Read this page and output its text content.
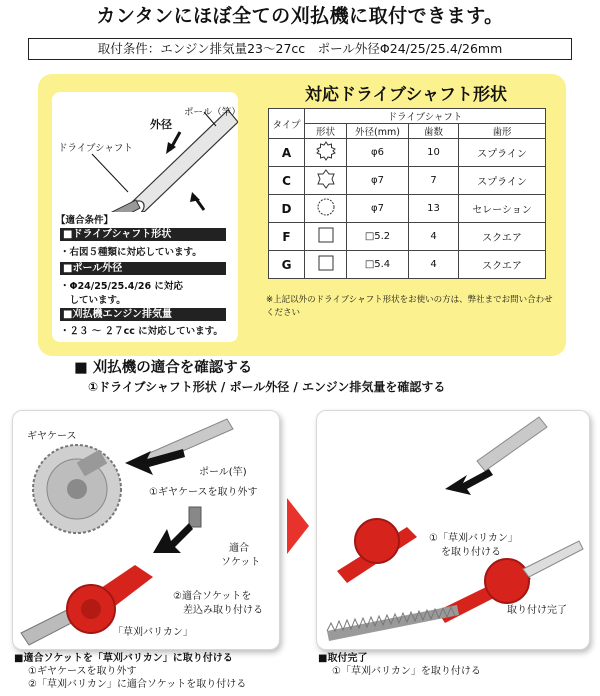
カンタンにほぼ全ての刈払機に取付できます。
取付条件：エンジン排気量23〜27cc　ポール外径Φ24/25/25.4/26mm
外径
ポール（竿）
ドライブシャフト
【適合条件】
■ドライブシャフト形状
・右図５種類に対応しています。
■ポール外径
・Φ24/25/25.4/26 に対応
　しています。
■刈払機エンジン排気量
・２３ 〜 ２７cc に対応しています。
対応ドライブシャフト形状
タイプ	ドライブシャフト			
	形状	外径(mm)	歯数	歯形
A		φ6	10	スプライン
C		φ7	7	スプライン
D		φ7	13	セレーション
F		□5.2	4	スクエア
G		□5.4	4	スクエア
※上記以外のドライブシャフト形状をお使いの方は、弊社までお問い合わせください
■ 刈払機の適合を確認する
①ドライブシャフト形状 / ポール外径 / エンジン排気量を確認する
ギヤケース
ポール(竿)
①ギヤケースを取り外す
適合
ソケット
②適合ソケットを
差込み取り付ける
「草刈バリカン」
①「草刈バリカン」
を取り付ける
取り付け完了
■適合ソケットを「草刈バリカン」に取り付ける
①ギヤケースを取り外す
②「草刈バリカン」に適合ソケットを取り付ける
■取付完了
①「草刈バリカン」を取り付ける
